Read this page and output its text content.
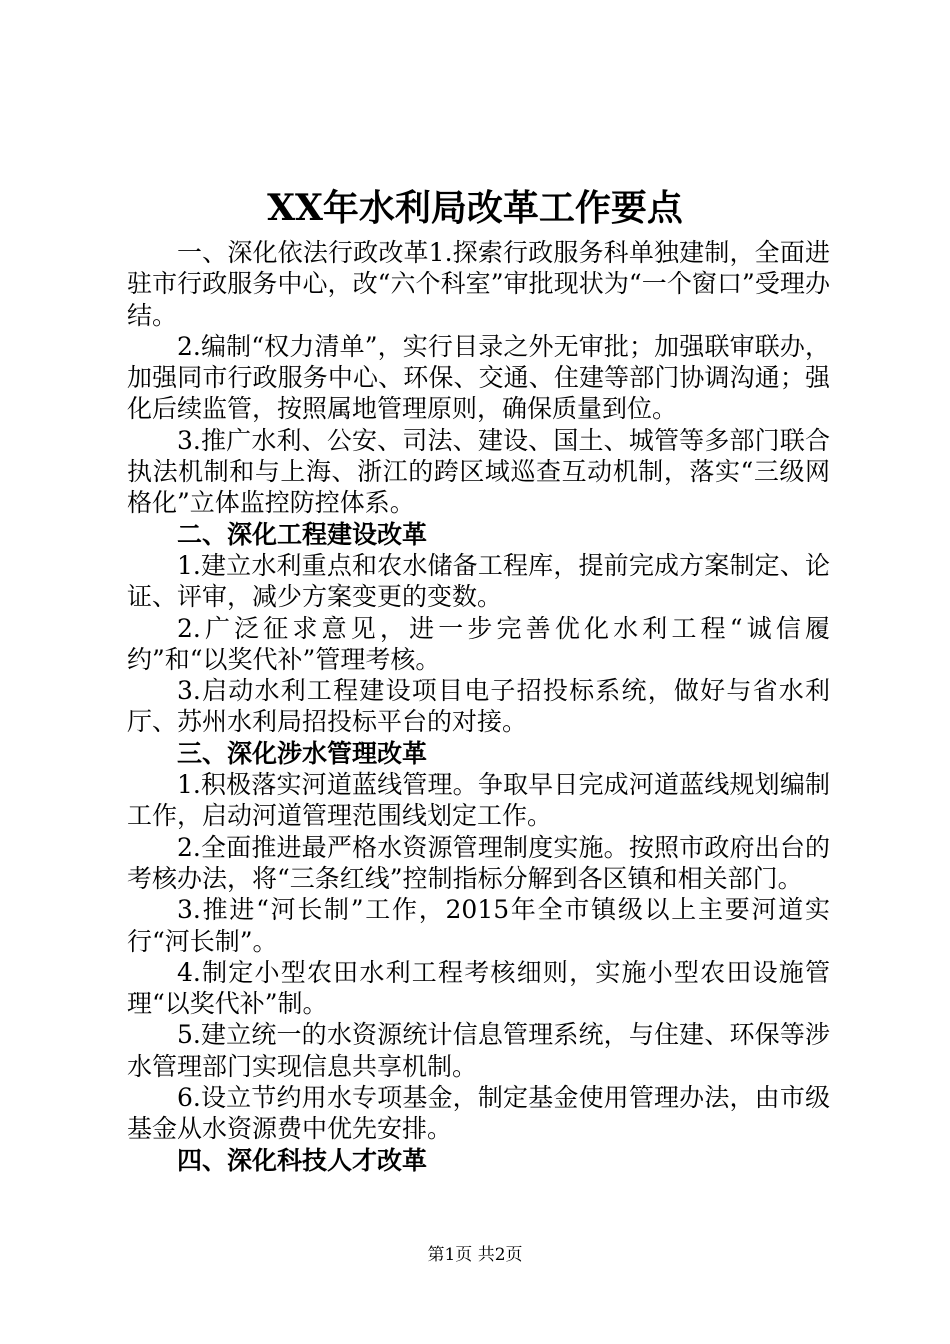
XX年水利局改革工作要点

一、深化依法行政改革1.探索行政服务科单独建制，全面进驻市行政服务中心，改“六个科室”审批现状为“一个窗口”受理办结。

2.编制“权力清单”，实行目录之外无审批；加强联审联办，加强同市行政服务中心、环保、交通、住建等部门协调沟通；强化后续监管，按照属地管理原则，确保质量到位。

3.推广水利、公安、司法、建设、国土、城管等多部门联合执法机制和与上海、浙江的跨区域巡查互动机制，落实“三级网格化”立体监控防控体系。

二、深化工程建设改革

1.建立水利重点和农水储备工程库，提前完成方案制定、论证、评审，减少方案变更的变数。

2.广泛征求意见，进一步完善优化水利工程“诚信履约”和“以奖代补”管理考核。

3.启动水利工程建设项目电子招投标系统，做好与省水利厅、苏州水利局招投标平台的对接。

三、深化涉水管理改革

1.积极落实河道蓝线管理。争取早日完成河道蓝线规划编制工作，启动河道管理范围线划定工作。

2.全面推进最严格水资源管理制度实施。按照市政府出台的考核办法，将“三条红线”控制指标分解到各区镇和相关部门。

3.推进“河长制”工作，2015年全市镇级以上主要河道实行“河长制”。

4.制定小型农田水利工程考核细则，实施小型农田设施管理“以奖代补”制。

5.建立统一的水资源统计信息管理系统，与住建、环保等涉水管理部门实现信息共享机制。

6.设立节约用水专项基金，制定基金使用管理办法，由市级基金从水资源费中优先安排。

四、深化科技人才改革

第1页 共2页
